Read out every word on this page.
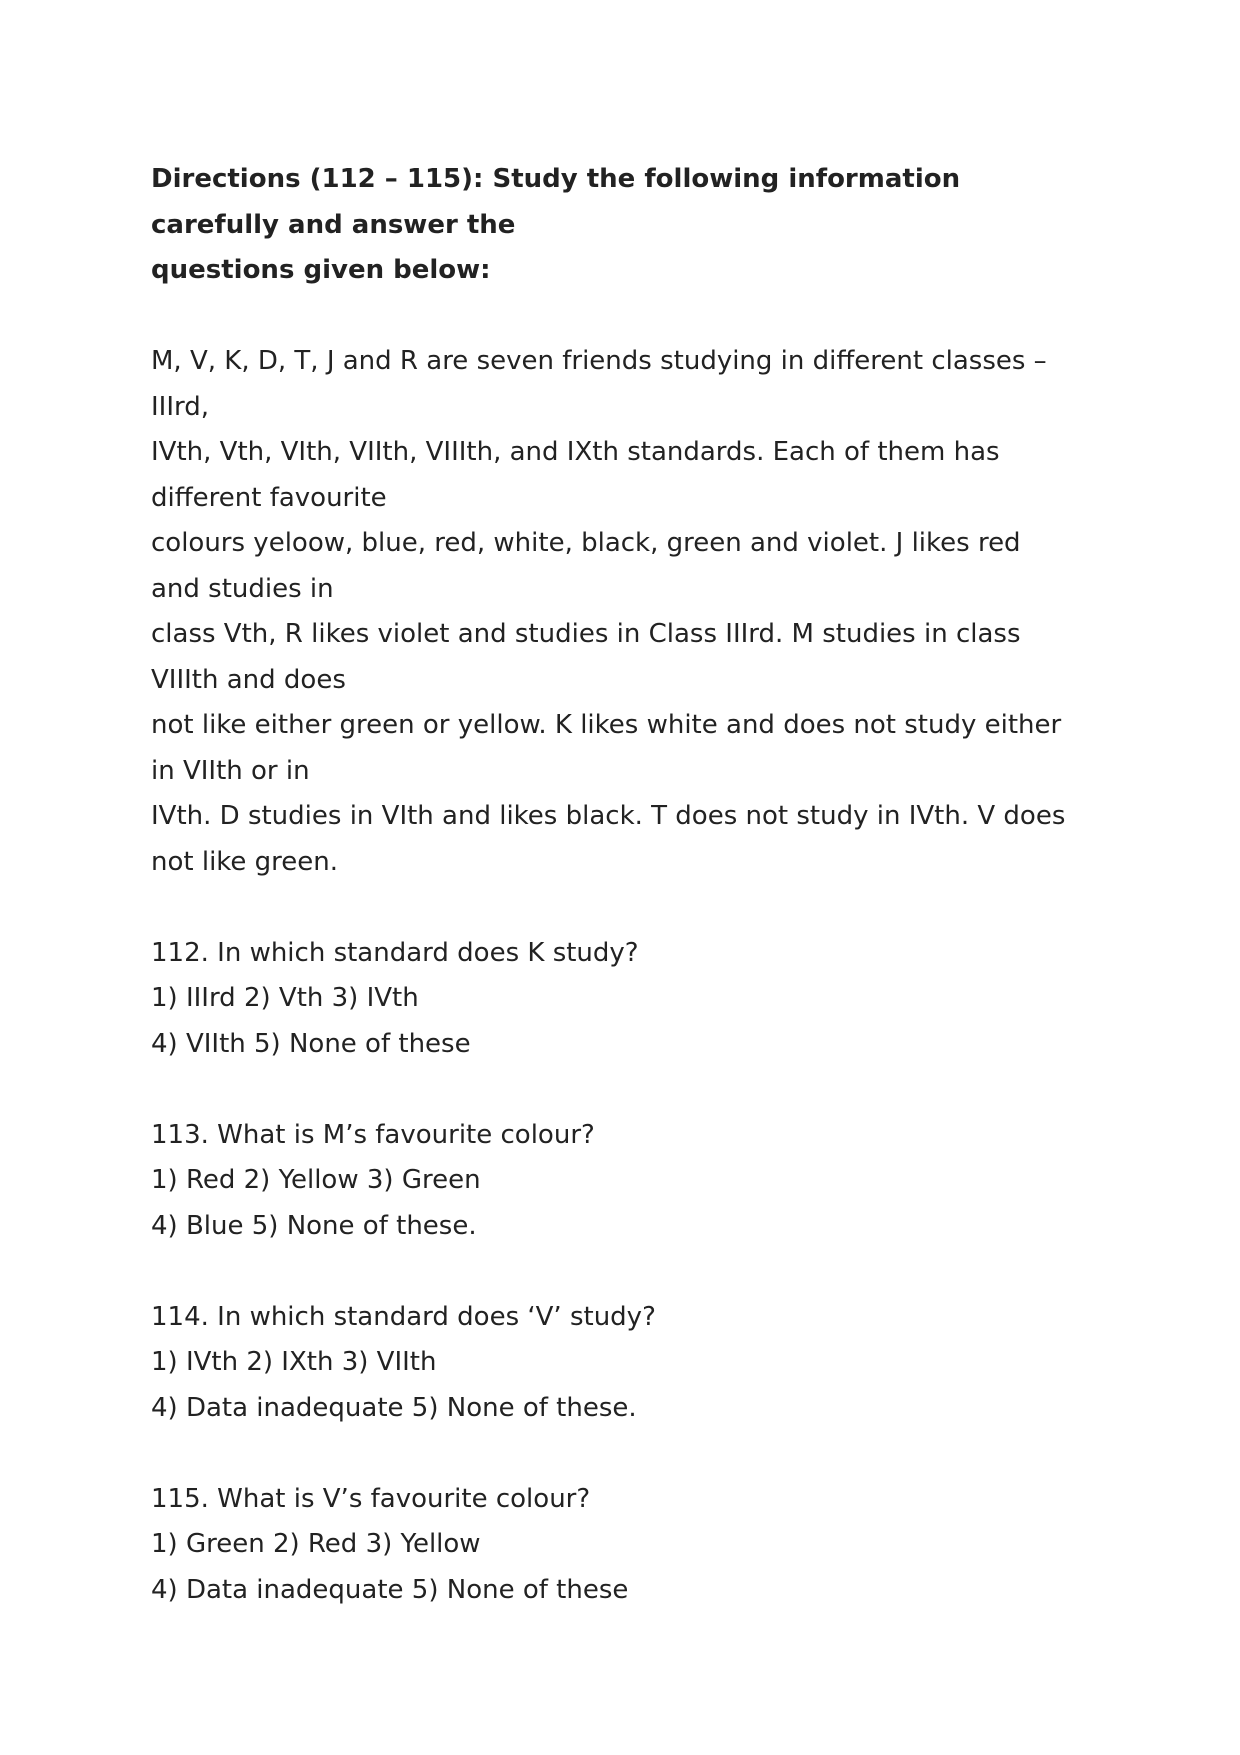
Directions (112 – 115): Study the following information
carefully and answer the
questions given below:
M, V, K, D, T, J and R are seven friends studying in different classes –
IIIrd,
IVth, Vth, VIth, VIIth, VIIIth, and IXth standards. Each of them has
different favourite
colours yeloow, blue, red, white, black, green and violet. J likes red
and studies in
class Vth, R likes violet and studies in Class IIIrd. M studies in class
VIIIth and does
not like either green or yellow. K likes white and does not study either
in VIIth or in
IVth. D studies in VIth and likes black. T does not study in IVth. V does
not like green.
112. In which standard does K study?
1) IIIrd 2) Vth 3) IVth
4) VIIth 5) None of these
113. What is M’s favourite colour?
1) Red 2) Yellow 3) Green
4) Blue 5) None of these.
114. In which standard does ‘V’ study?
1) IVth 2) IXth 3) VIIth
4) Data inadequate 5) None of these.
115. What is V’s favourite colour?
1) Green 2) Red 3) Yellow
4) Data inadequate 5) None of these
